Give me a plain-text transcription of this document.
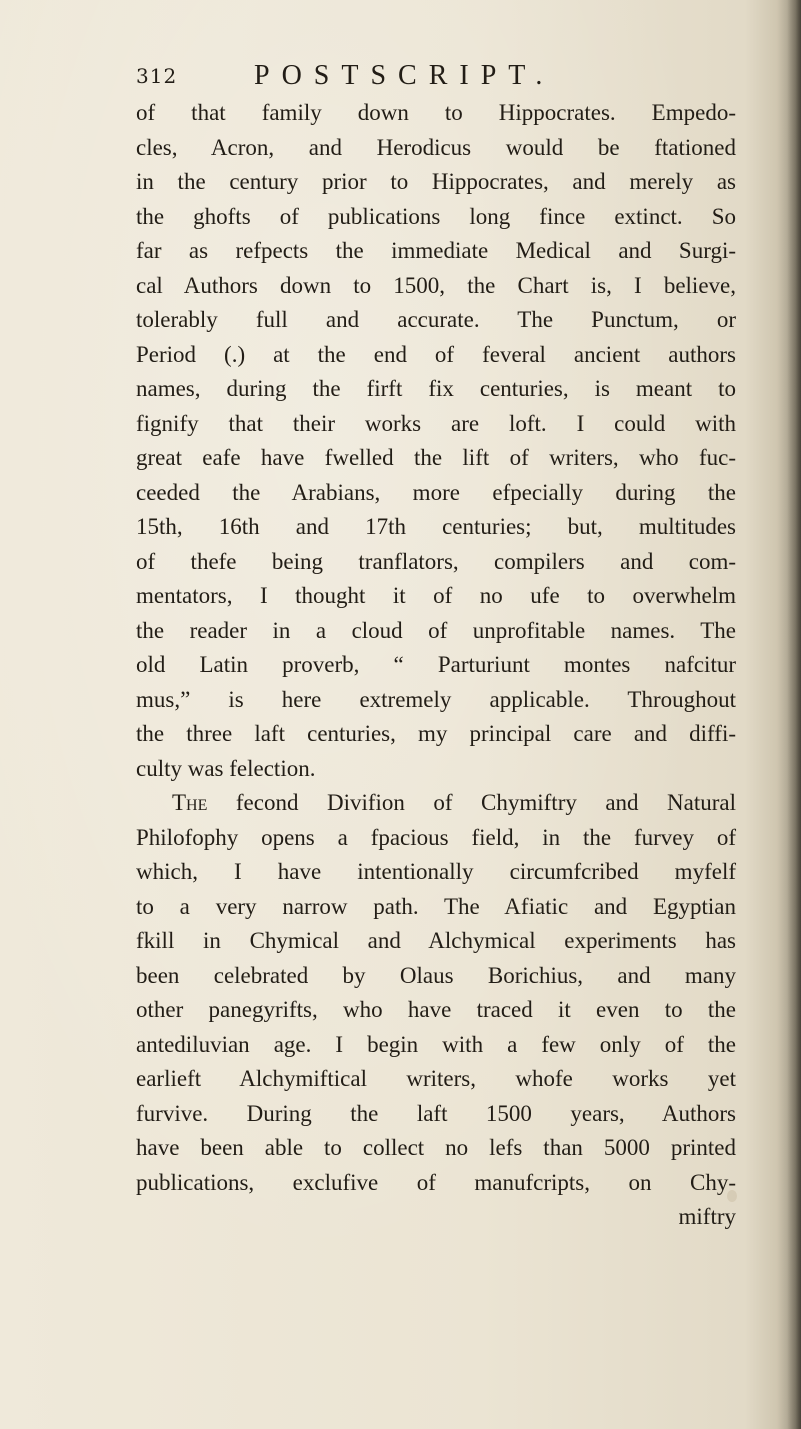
312	POSTSCRIPT.
of that family down to Hippocrates. Empedo-
cles, Acron, and Herodicus would be ftationed
in the century prior to Hippocrates, and merely as
the ghofts of publications long fince extinct. So
far as refpects the immediate Medical and Surgi-
cal Authors down to 1500, the Chart is, I believe,
tolerably full and accurate. The Punctum, or
Period (.) at the end of feveral ancient authors
names, during the firft fix centuries, is meant to
fignify that their works are loft. I could with
great eafe have fwelled the lift of writers, who fuc-
ceeded the Arabians, more efpecially during the
15th, 16th and 17th centuries; but, multitudes
of thefe being tranflators, compilers and com-
mentators, I thought it of no ufe to overwhelm
the reader in a cloud of unprofitable names. The
old Latin proverb, “ Parturiunt montes nafcitur
mus,” is here extremely applicable. Throughout
the three laft centuries, my principal care and diffi-
culty was felection.
The fecond Divifion of Chymiftry and Natural
Philofophy opens a fpacious field, in the furvey of
which, I have intentionally circumfcribed myfelf
to a very narrow path. The Afiatic and Egyptian
fkill in Chymical and Alchymical experiments has
been celebrated by Olaus Borichius, and many
other panegyrifts, who have traced it even to the
antediluvian age. I begin with a few only of the
earlieft Alchymiftical writers, whofe works yet
furvive. During the laft 1500 years, Authors
have been able to collect no lefs than 5000 printed
publications, exclufive of manufcripts, on Chy-
miftry
